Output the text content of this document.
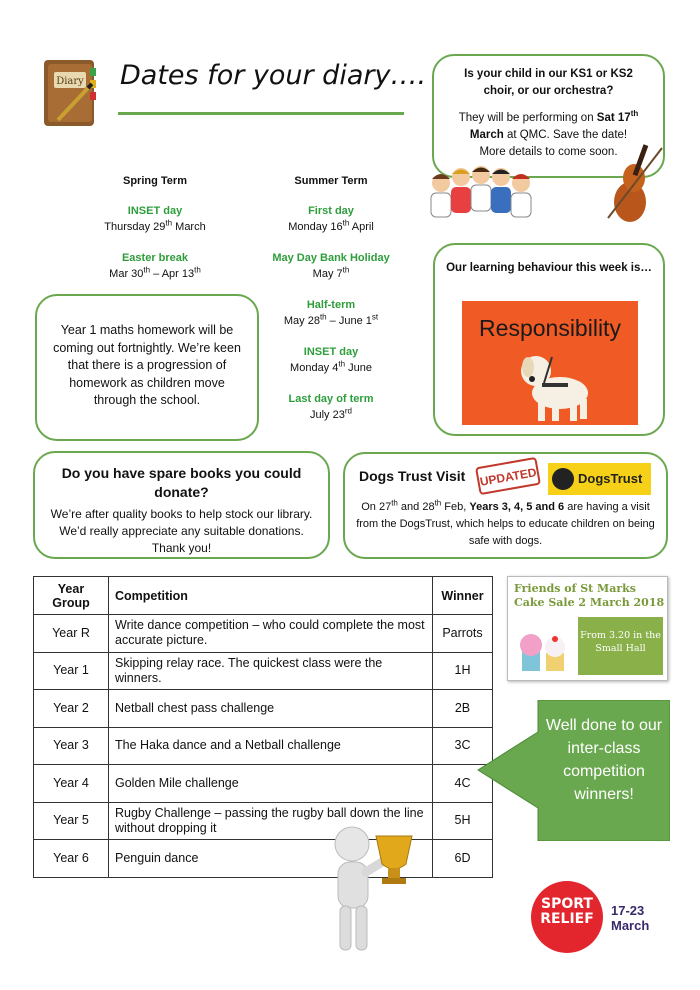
Diary Dates for your diary….	Is your child in our KS1 or KS2 choir, or our orchestra?

They will be performing on Sat 17th March at QMC. Save the date!
More details to come soon.

Spring Term
INSET day
Thursday 29th March
Easter break
Mar 30th – Apr 13th
Summer Term
First day
Monday 16th April
May Day Bank Holiday
May 7th
Half-term
May 28th – June 1st
INSET day
Monday 4th June
Last day of term
July 23rd
Year 1 maths homework will be coming out fortnightly. We’re keen that there is a progression of homework as children move through the school.
Our learning behaviour this week is…
Responsibility
Do you have spare books you could donate?
We’re after quality books to help stock our library. We’d really appreciate any suitable donations. Thank you!
Dogs Trust Visit	UPDATED	DogsTrust
On 27th and 28th Feb, Years 3, 4, 5 and 6 are having a visit from the DogsTrust, which helps to educate children on being safe with dogs.
Year Group	Competition	Winner
Year R	Write dance competition – who could complete the most accurate picture.	Parrots
Year 1	Skipping relay race. The quickest class were the winners.	1H
Year 2	Netball chest pass challenge	2B
Year 3	The Haka dance and a Netball challenge	3C
Year 4	Golden Mile challenge	4C
Year 5	Rugby Challenge – passing the rugby ball down the line without dropping it	5H
Year 6	Penguin dance	6D
Friends of St Marks
Cake Sale 2 March 2018
From 3.20 in the Small Hall
Well done to our inter-class competition winners!
SPORT
RELIEF
17-23
March
